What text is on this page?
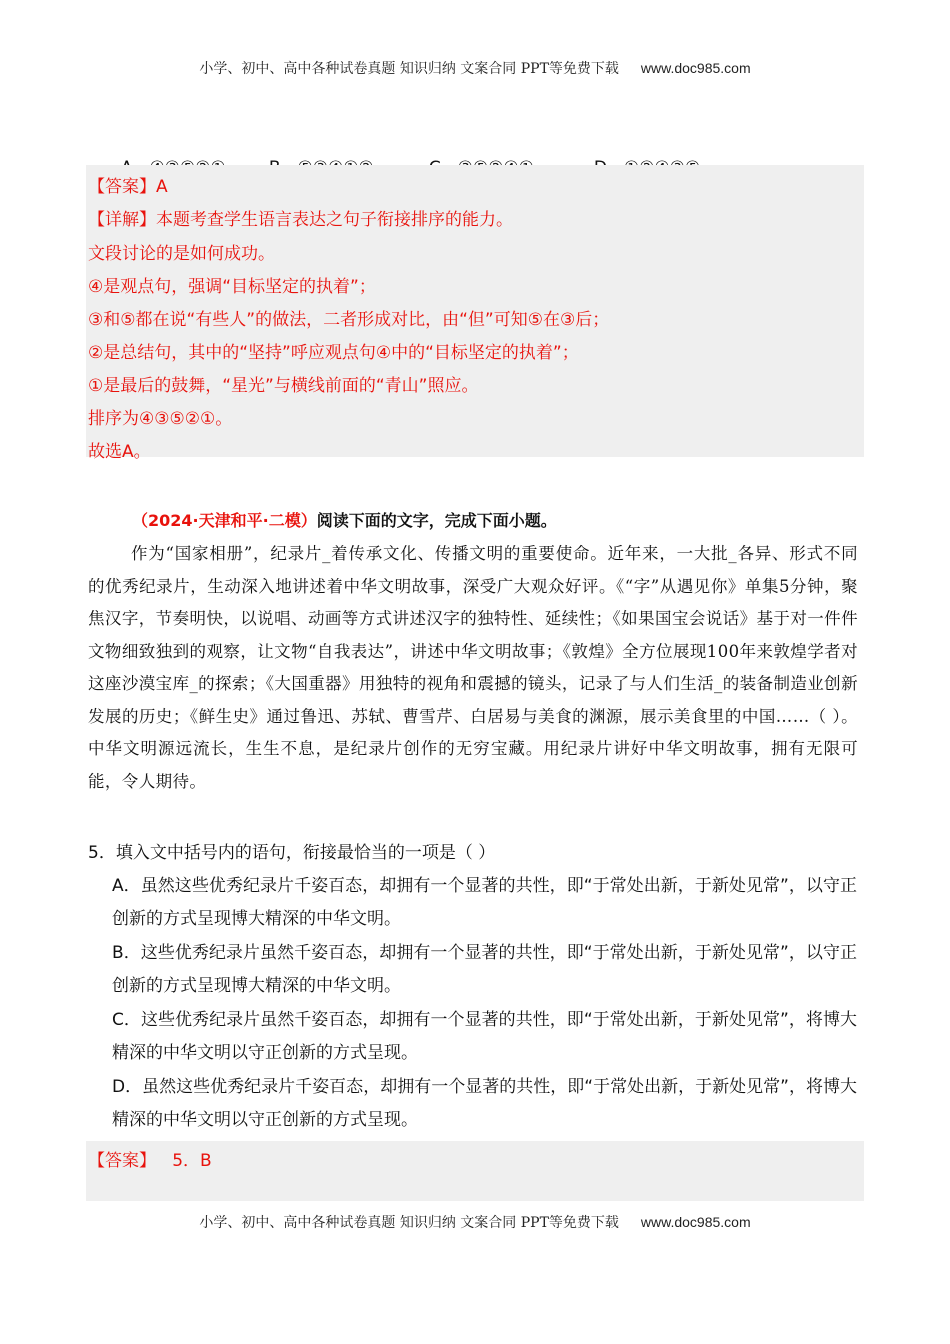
小学、初中、高中各种试卷真题 知识归纳 文案合同 PPT等免费下载 www.doc985.com

【答案】A
【详解】本题考查学生语言表达之句子衔接排序的能力。
文段讨论的是如何成功。
④是观点句，强调“目标坚定的执着”；
③和⑤都在说“有些人”的做法，二者形成对比，由“但”可知⑤在③后；
②是总结句，其中的“坚持”呼应观点句④中的“目标坚定的执着”；
①是最后的鼓舞，“星光”与横线前面的“青山”照应。
排序为④③⑤②①。
故选A。
（2024·天津和平·二模）阅读下面的文字，完成下面小题。
作为“国家相册”，纪录片_着传承文化、传播文明的重要使命。近年来，一大批_各异、形式不同的优秀纪录片，生动深入地讲述着中华文明故事，深受广大观众好评。《“字”从遇见你》单集5分钟，聚焦汉字，节奏明快，以说唱、动画等方式讲述汉字的独特性、延续性；《如果国宝会说话》基于对一件件文物细致独到的观察，让文物“自我表达”，讲述中华文明故事；《敦煌》全方位展现100年来敦煌学者对这座沙漠宝库_的探索；《大国重器》用独特的视角和震撼的镜头，记录了与人们生活_的装备制造业创新发展的历史；《鲜生史》通过鲁迅、苏轼、曹雪芹、白居易与美食的渊源，展示美食里的中国……（ ）。中华文明源远流长，生生不息，是纪录片创作的无穷宝藏。用纪录片讲好中华文明故事，拥有无限可能，令人期待。
5．填入文中括号内的语句，衔接最恰当的一项是（ ）
A．虽然这些优秀纪录片千姿百态，却拥有一个显著的共性，即“于常处出新，于新处见常”，以守正创新的方式呈现博大精深的中华文明。
B．这些优秀纪录片虽然千姿百态，却拥有一个显著的共性，即“于常处出新，于新处见常”，以守正创新的方式呈现博大精深的中华文明。
C．这些优秀纪录片虽然千姿百态，却拥有一个显著的共性，即“于常处出新，于新处见常”，将博大精深的中华文明以守正创新的方式呈现。
D．虽然这些优秀纪录片千姿百态，却拥有一个显著的共性，即“于常处出新，于新处见常”，将博大精深的中华文明以守正创新的方式呈现。
【答案】 5．B
小学、初中、高中各种试卷真题 知识归纳 文案合同 PPT等免费下载 www.doc985.com
